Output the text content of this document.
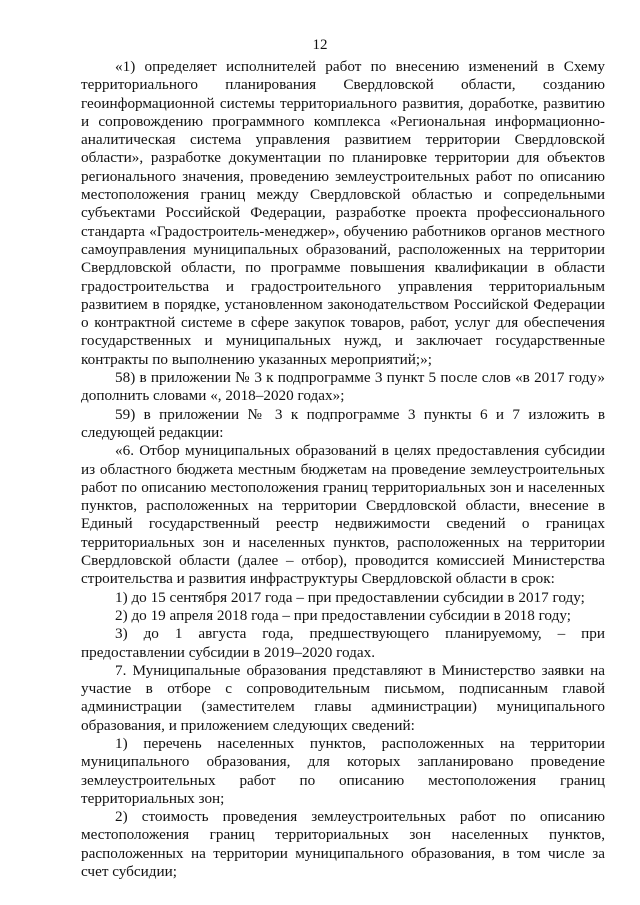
12

«1) определяет исполнителей работ по внесению изменений в Схему территориального планирования Свердловской области, созданию геоинформационной системы территориального развития, доработке, развитию и сопровождению программного комплекса «Региональная информационно-аналитическая система управления развитием территории Свердловской области», разработке документации по планировке территории для объектов регионального значения, проведению землеустроительных работ по описанию местоположения границ между Свердловской областью и сопредельными субъектами Российской Федерации, разработке проекта профессионального стандарта «Градостроитель-менеджер», обучению работников органов местного самоуправления муниципальных образований, расположенных на территории Свердловской области, по программе повышения квалификации в области градостроительства и градостроительного управления территориальным развитием в порядке, установленном законодательством Российской Федерации о контрактной системе в сфере закупок товаров, работ, услуг для обеспечения государственных и муниципальных нужд, и заключает государственные контракты по выполнению указанных мероприятий;»;

58) в приложении № 3 к подпрограмме 3 пункт 5 после слов «в 2017 году» дополнить словами «, 2018–2020 годах»;

59) в приложении № 3 к подпрограмме 3 пункты 6 и 7 изложить в следующей редакции:

«6. Отбор муниципальных образований в целях предоставления субсидии из областного бюджета местным бюджетам на проведение землеустроительных работ по описанию местоположения границ территориальных зон и населенных пунктов, расположенных на территории Свердловской области, внесение в Единый государственный реестр недвижимости сведений о границах территориальных зон и населенных пунктов, расположенных на территории Свердловской области (далее – отбор), проводится комиссией Министерства строительства и развития инфраструктуры Свердловской области в срок:

1) до 15 сентября 2017 года – при предоставлении субсидии в 2017 году;

2) до 19 апреля 2018 года – при предоставлении субсидии в 2018 году;

3) до 1 августа года, предшествующего планируемому, – при предоставлении субсидии в 2019–2020 годах.

7. Муниципальные образования представляют в Министерство заявки на участие в отборе с сопроводительным письмом, подписанным главой администрации (заместителем главы администрации) муниципального образования, и приложением следующих сведений:

1) перечень населенных пунктов, расположенных на территории муниципального образования, для которых запланировано проведение землеустроительных работ по описанию местоположения границ территориальных зон;

2) стоимость проведения землеустроительных работ по описанию местоположения границ территориальных зон населенных пунктов, расположенных на территории муниципального образования, в том числе за счет субсидии;
